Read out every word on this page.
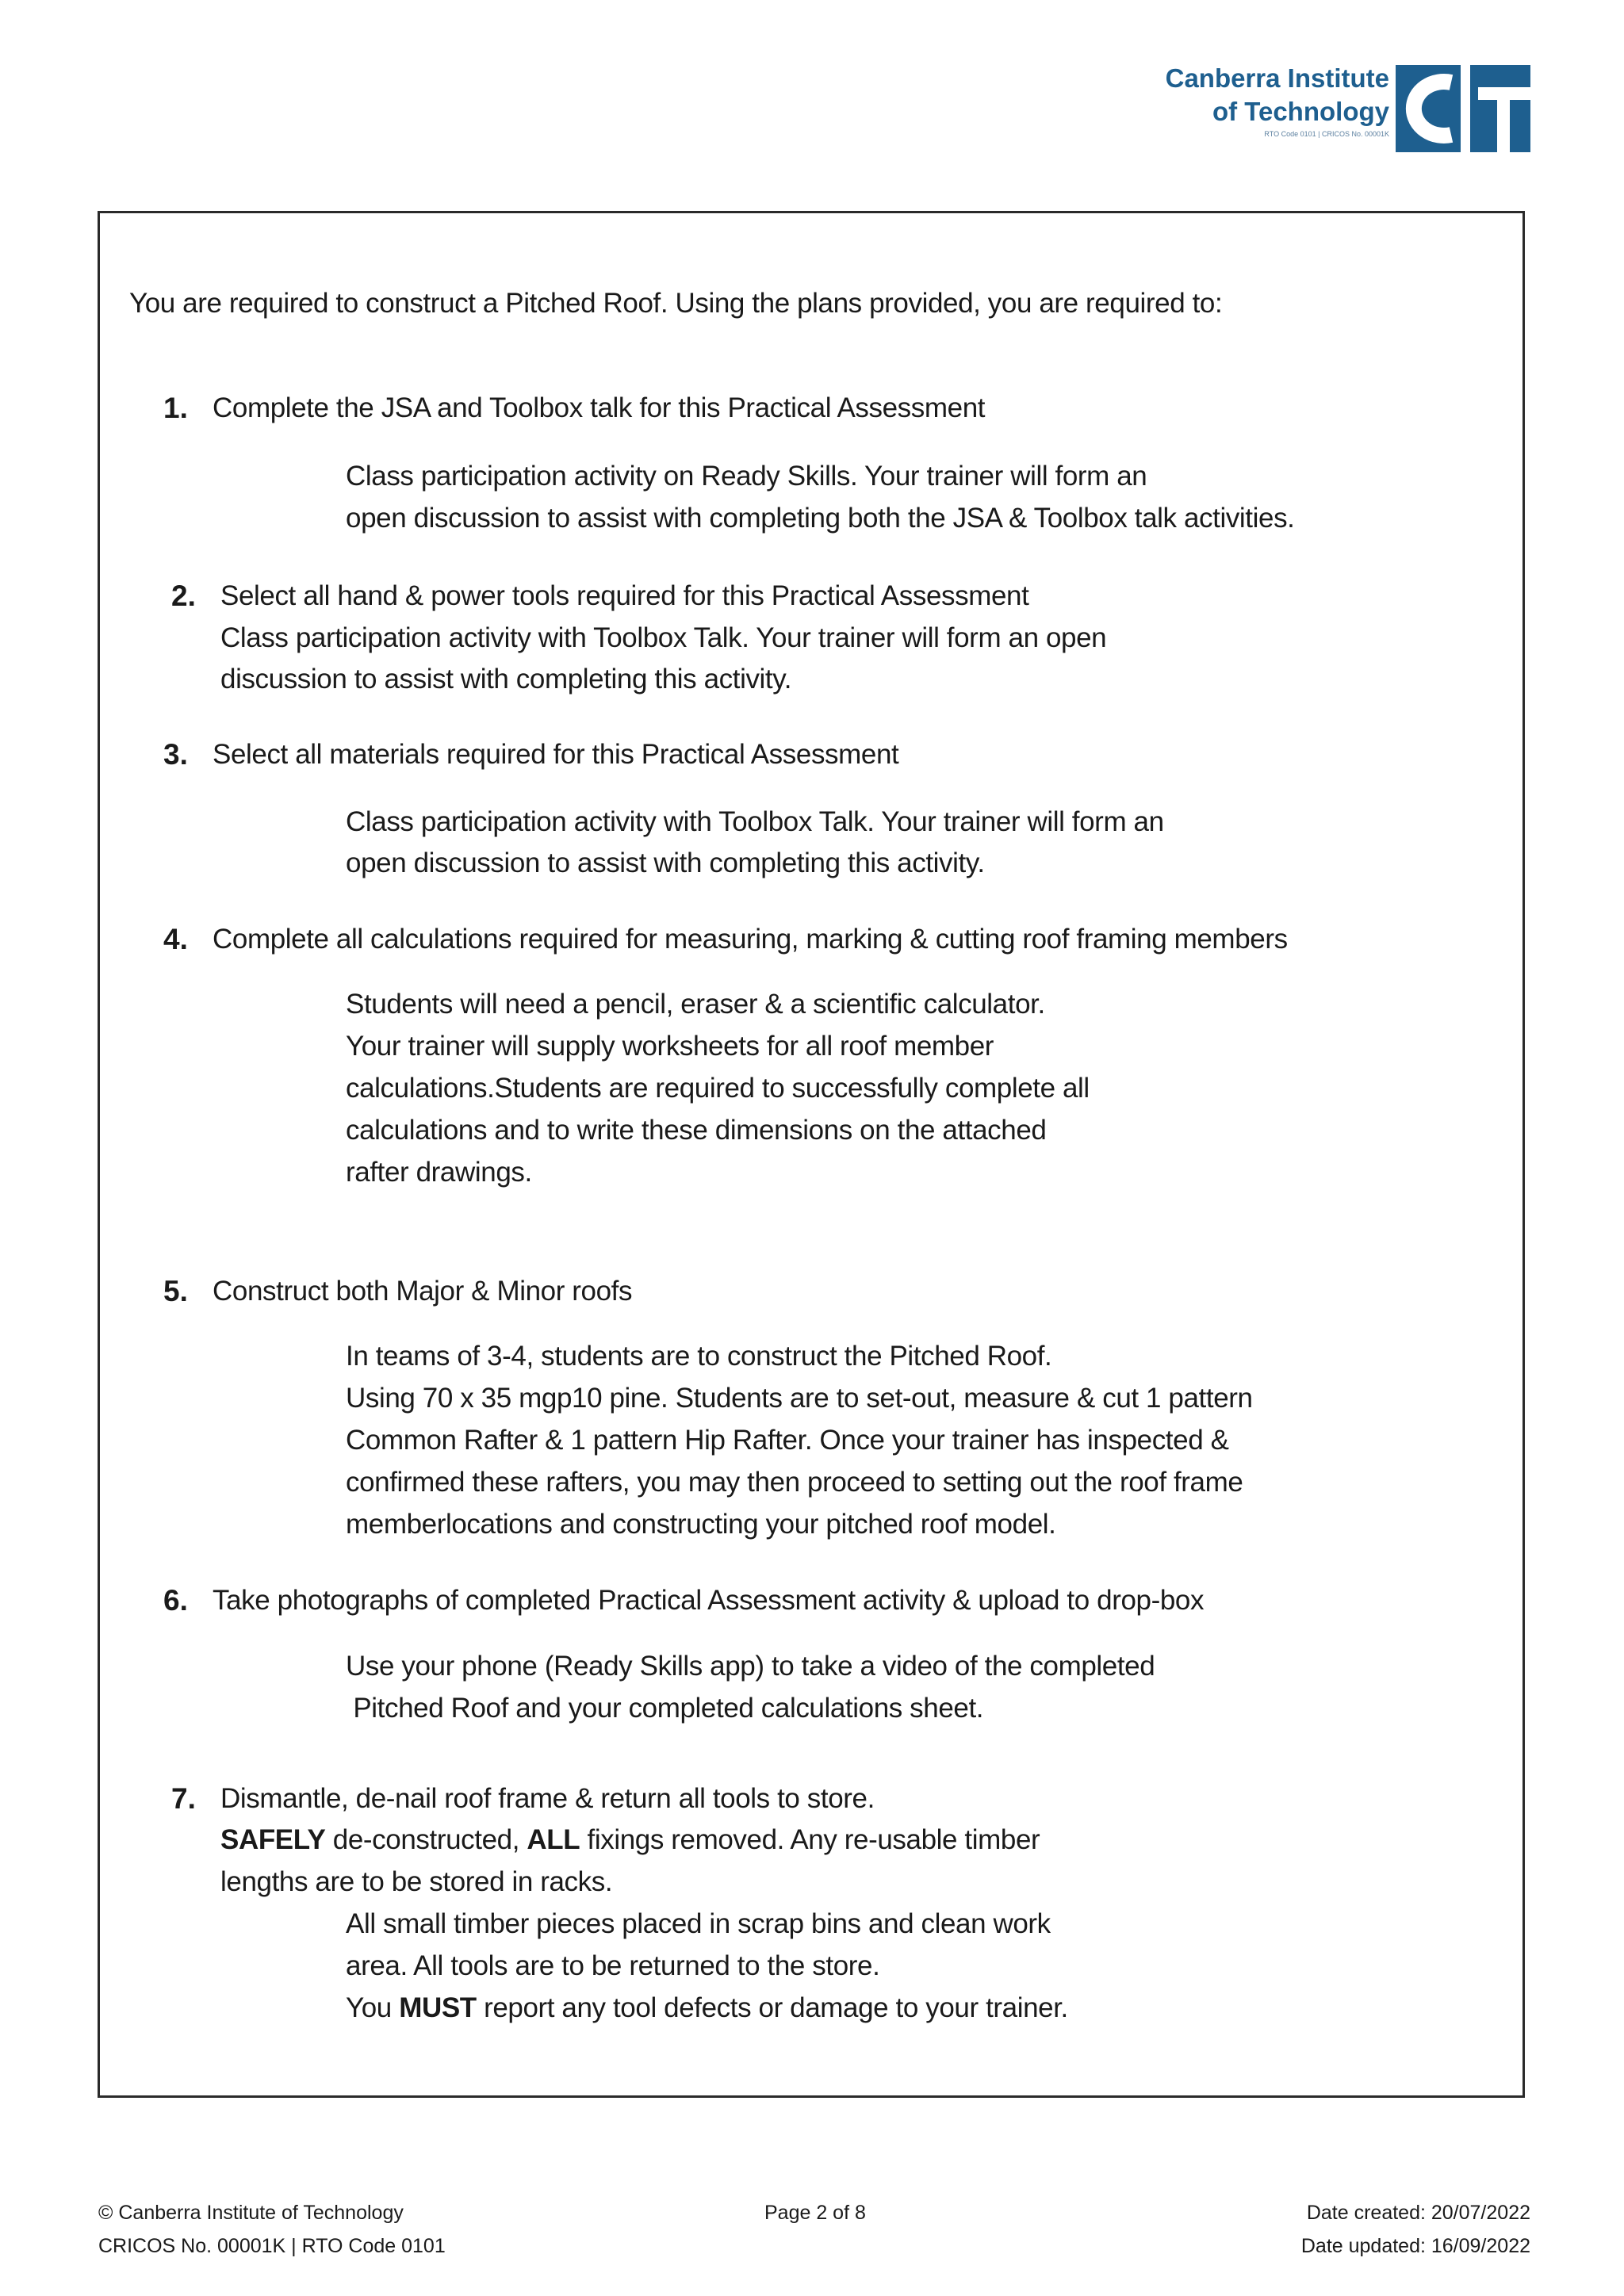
Canberra Institute
of Technology
RTO Code 0101 | CRICOS No. 00001K
You are required to construct a Pitched Roof. Using the plans provided, you are required to:
1. Complete the JSA and Toolbox talk for this Practical Assessment
Class participation activity on Ready Skills. Your trainer will form an
open discussion to assist with completing both the JSA & Toolbox talk activities.
2. Select all hand & power tools required for this Practical Assessment
Class participation activity with Toolbox Talk. Your trainer will form an open
discussion to assist with completing this activity.
3. Select all materials required for this Practical Assessment
Class participation activity with Toolbox Talk. Your trainer will form an
open discussion to assist with completing this activity.
4. Complete all calculations required for measuring, marking & cutting roof framing members
Students will need a pencil, eraser & a scientific calculator.
Your trainer will supply worksheets for all roof member
calculations.Students are required to successfully complete all
calculations and to write these dimensions on the attached
rafter drawings.
5. Construct both Major & Minor roofs
In teams of 3-4, students are to construct the Pitched Roof.
Using 70 x 35 mgp10 pine. Students are to set-out, measure & cut 1 pattern
Common Rafter & 1 pattern Hip Rafter. Once your trainer has inspected &
confirmed these rafters, you may then proceed to setting out the roof frame
memberlocations and constructing your pitched roof model.
6. Take photographs of completed Practical Assessment activity & upload to drop-box
Use your phone (Ready Skills app) to take a video of the completed
Pitched Roof and your completed calculations sheet.
7. Dismantle, de-nail roof frame & return all tools to store.
SAFELY de-constructed, ALL fixings removed. Any re-usable timber
lengths are to be stored in racks.
All small timber pieces placed in scrap bins and clean work
area. All tools are to be returned to the store.
You MUST report any tool defects or damage to your trainer.
© Canberra Institute of Technology
CRICOS No. 00001K | RTO Code 0101
Page 2 of 8	Date created: 20/07/2022
Date updated: 16/09/2022
